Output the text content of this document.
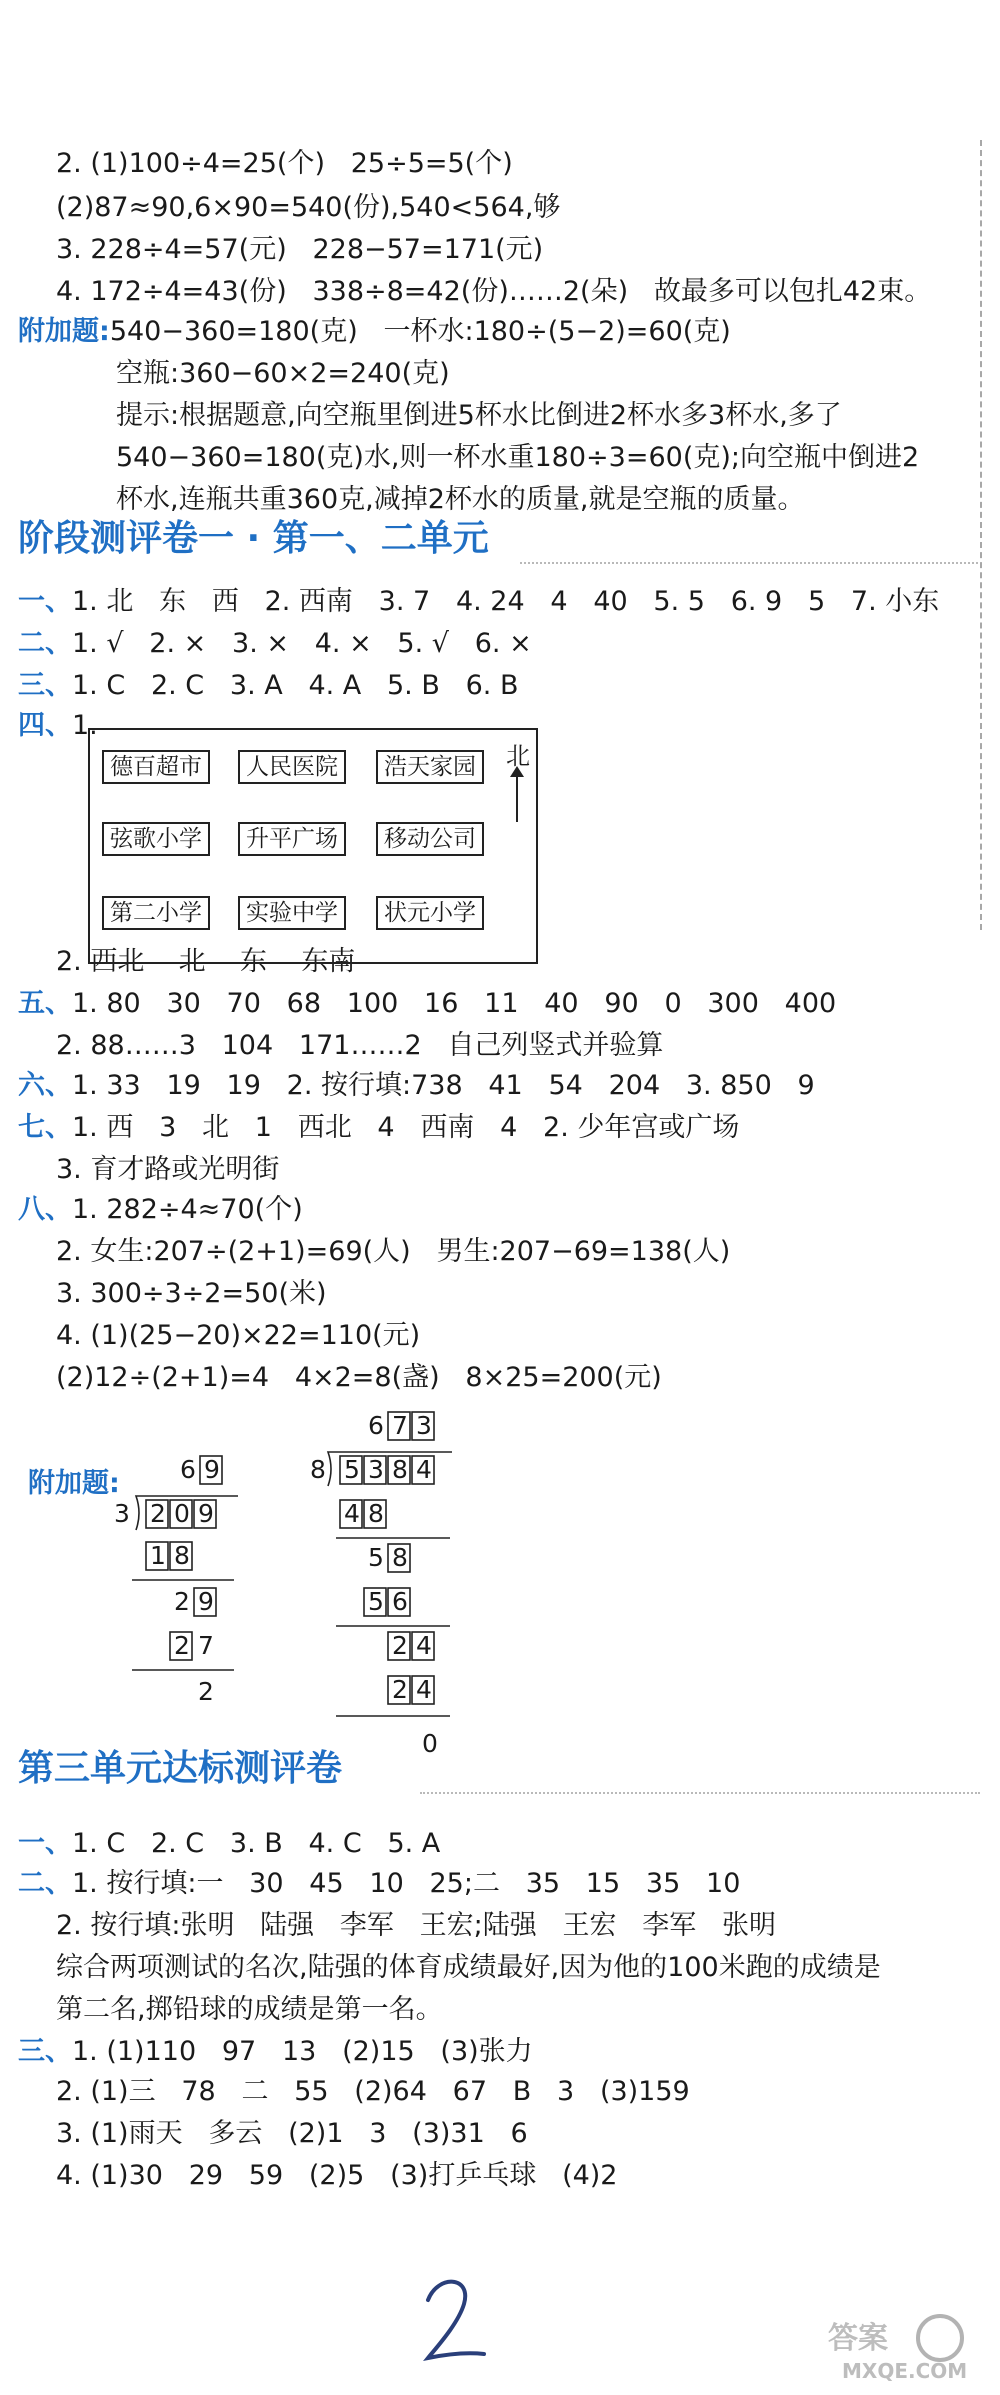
2. (1)100÷4=25(个)   25÷5=5(个)
(2)87≈90,6×90=540(份),540<564,够
3. 228÷4=57(元)   228−57=171(元)
4. 172÷4=43(份)   338÷8=42(份)……2(朵)   故最多可以包扎42束。
附加题:540−360=180(克)   一杯水:180÷(5−2)=60(克)
空瓶:360−60×2=240(克)
提示:根据题意,向空瓶里倒进5杯水比倒进2杯水多3杯水,多了
540−360=180(克)水,则一杯水重180÷3=60(克);向空瓶中倒进2
杯水,连瓶共重360克,减掉2杯水的质量,就是空瓶的质量。
一、1. 北   东   西   2. 西南   3. 7   4. 24   4   40   5. 5   6. 9   5   7. 小东
二、1. √   2. ×   3. ×   4. ×   5. √   6. ×
三、1. C   2. C   3. A   4. A   5. B   6. B
四、1.
2. 西北    北    东    东南
五、1. 80   30   70   68   100   16   11   40   90   0   300   400
2. 88……3   104   171……2   自己列竖式并验算
六、1. 33   19   19   2. 按行填:738   41   54   204   3. 850   9
七、1. 西   3   北   1   西北   4   西南   4   2. 少年宫或广场
3. 育才路或光明街
八、1. 282÷4≈70(个)
2. 女生:207÷(2+1)=69(人)   男生:207−69=138(人)
3. 300÷3÷2=50(米)
4. (1)(25−20)×22=110(元)
(2)12÷(2+1)=4   4×2=8(盏)   8×25=200(元)
一、1. C   2. C   3. B   4. C   5. A
二、1. 按行填:一   30   45   10   25;二   35   15   35   10
2. 按行填:张明   陆强   李军   王宏;陆强   王宏   李军   张明
综合两项测试的名次,陆强的体育成绩最好,因为他的100米跑的成绩是
第二名,掷铅球的成绩是第一名。
三、1. (1)110   97   13   (2)15   (3)张力
2. (1)三   78   二   55   (2)64   67   B   3   (3)159
3. (1)雨天   多云   (2)1   3   (3)31   6
4. (1)30   29   59   (2)5   (3)打乒乓球   (4)2
阶段测评卷一 · 第一、二单元
第三单元达标测评卷
德百超市	人民医院	浩天家园
弦歌小学	升平广场	移动公司
第二小学	实验中学	状元小学
北
附加题: 6 9
3 2 0 9
1 8
2 9
2 7
2
6 7 3
8 5 3 8 4
4 8
5 8
5 6
2 4
2 4
0
答案
MXQE.COM
